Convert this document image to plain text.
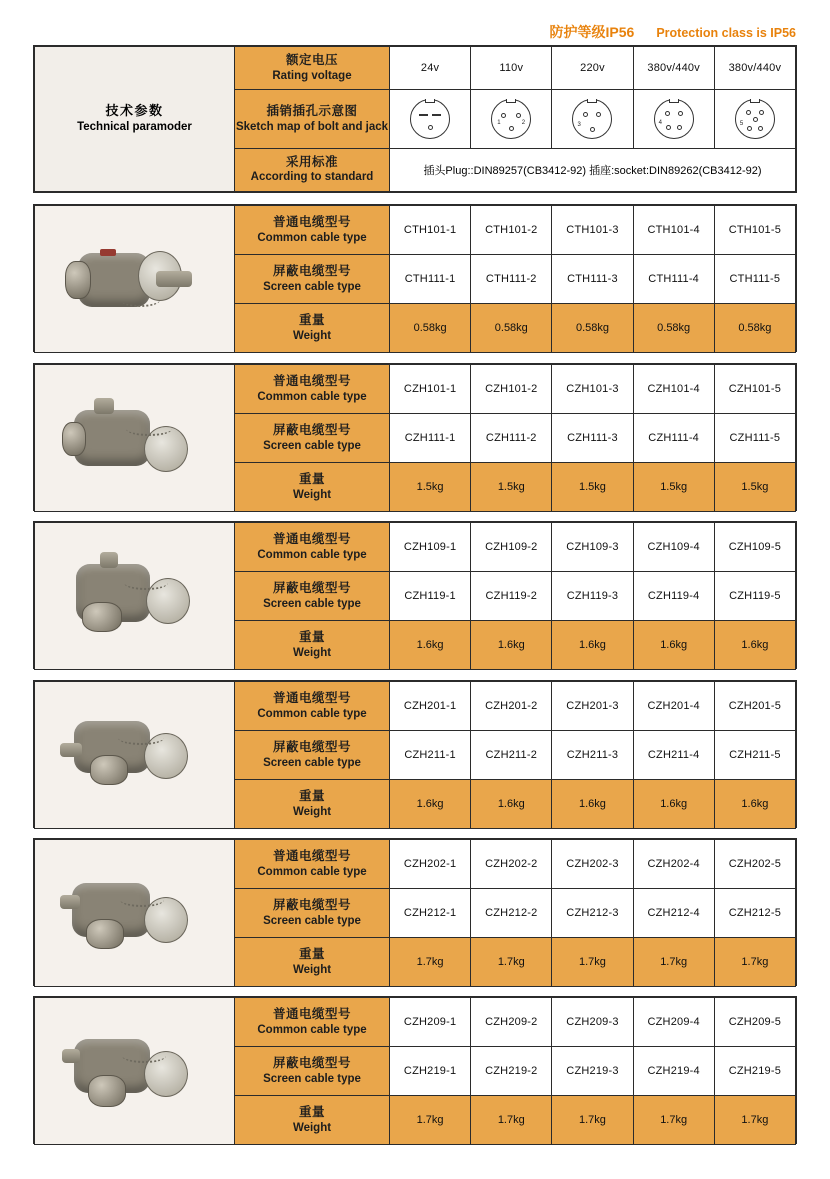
防护等级IP56 Protection class is IP56
技术参数
Technical paramoder	额定电压
Rating voltage	24v	110v	220v	380v/440v	380v/440v

插销插孔示意图
Sketch map of bolt and jack		1	2	3	4	5

	采用标准
According to standard	插头Plug::DIN89257(CB3412-92) 插座:socket:DIN89262(CB3412-92)				

	普通电缆型号
Common cable type	CTH101-1	CTH101-2	CTH101-3	CTH101-4	CTH101-5

	屏蔽电缆型号
Screen cable type	CTH111-1	CTH111-2	CTH111-3	CTH111-4	CTH111-5

	重量
Weight	0.58kg	0.58kg	0.58kg	0.58kg	0.58kg

	普通电缆型号
Common cable type	CZH101-1	CZH101-2	CZH101-3	CZH101-4	CZH101-5

	屏蔽电缆型号
Screen cable type	CZH111-1	CZH111-2	CZH111-3	CZH111-4	CZH111-5

	重量
Weight	1.5kg	1.5kg	1.5kg	1.5kg	1.5kg

	普通电缆型号
Common cable type	CZH109-1	CZH109-2	CZH109-3	CZH109-4	CZH109-5

	屏蔽电缆型号
Screen cable type	CZH119-1	CZH119-2	CZH119-3	CZH119-4	CZH119-5

	重量
Weight	1.6kg	1.6kg	1.6kg	1.6kg	1.6kg

	普通电缆型号
Common cable type	CZH201-1	CZH201-2	CZH201-3	CZH201-4	CZH201-5

	屏蔽电缆型号
Screen cable type	CZH211-1	CZH211-2	CZH211-3	CZH211-4	CZH211-5

	重量
Weight	1.6kg	1.6kg	1.6kg	1.6kg	1.6kg

	普通电缆型号
Common cable type	CZH202-1	CZH202-2	CZH202-3	CZH202-4	CZH202-5

	屏蔽电缆型号
Screen cable type	CZH212-1	CZH212-2	CZH212-3	CZH212-4	CZH212-5

	重量
Weight	1.7kg	1.7kg	1.7kg	1.7kg	1.7kg

	普通电缆型号
Common cable type	CZH209-1	CZH209-2	CZH209-3	CZH209-4	CZH209-5

	屏蔽电缆型号
Screen cable type	CZH219-1	CZH219-2	CZH219-3	CZH219-4	CZH219-5

	重量
Weight	1.7kg	1.7kg	1.7kg	1.7kg	1.7kg
